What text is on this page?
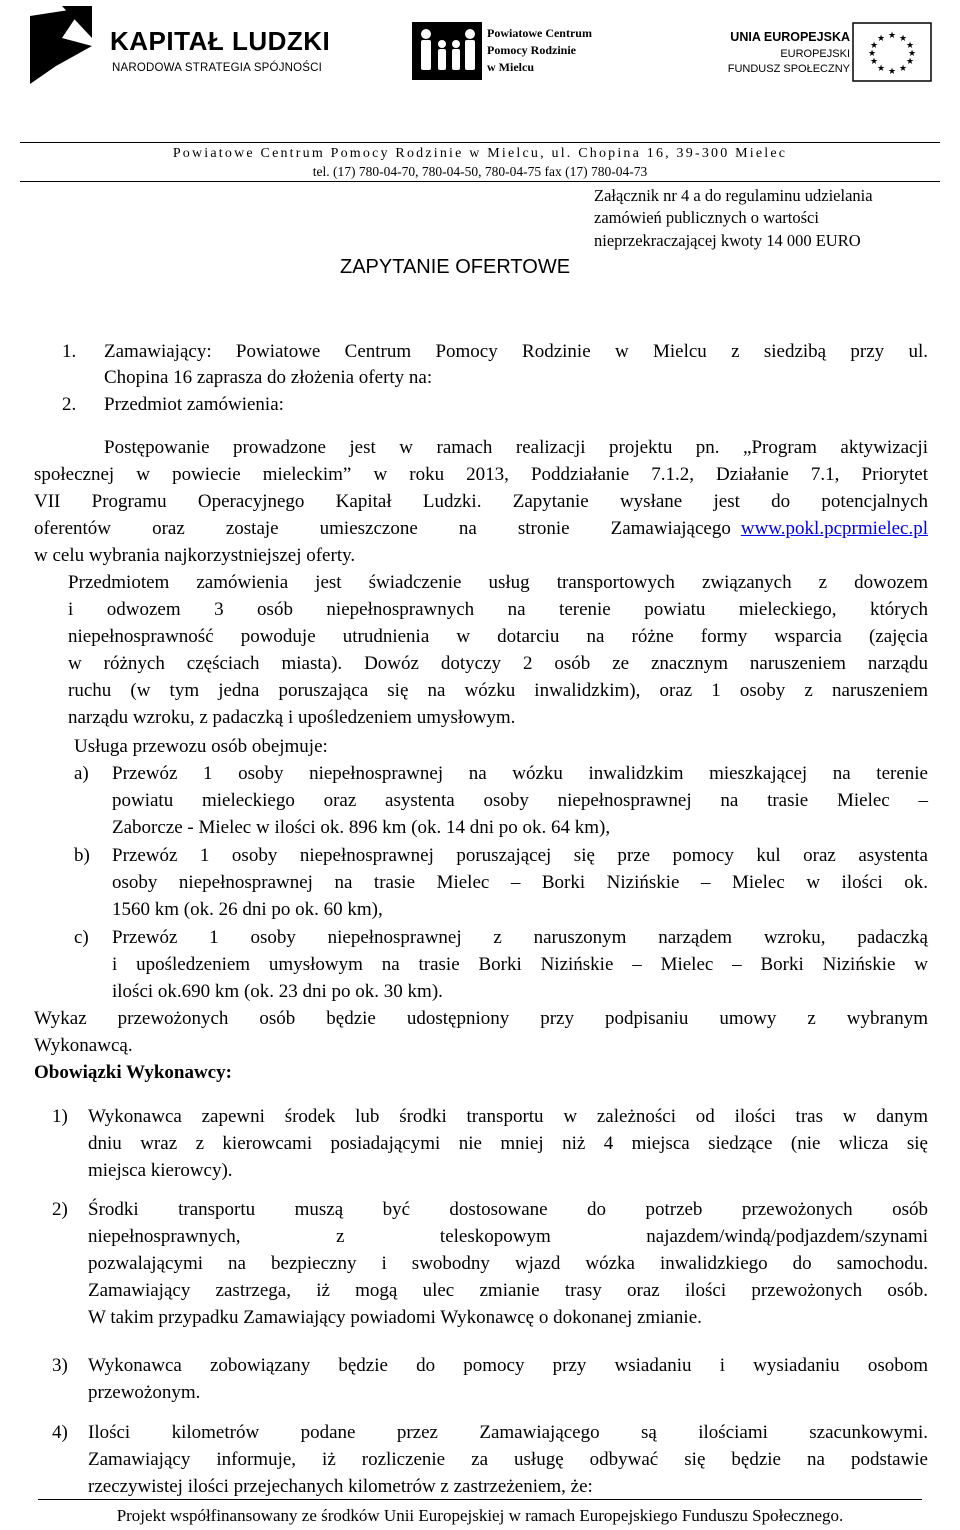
KAPITAŁ LUDZKI
NARODOWA STRATEGIA SPÓJNOŚCI
Powiatowe Centrum
Pomocy Rodzinie
w Mielcu
UNIA EUROPEJSKA
EUROPEJSKI
FUNDUSZ SPOŁECZNY
★ ★
★
★
★
★
★
★
★
★
★
★
Powiatowe Centrum Pomocy Rodzinie w Mielcu, ul. Chopina 16, 39-300 Mielec
tel. (17) 780-04-70, 780-04-50, 780-04-75 fax (17) 780-04-73
Załącznik nr 4 a do regulaminu udzielania
zamówień publicznych o wartości
nieprzekraczającej kwoty 14 000 EURO
ZAPYTANIE OFERTOWE
1. Zamawiający: Powiatowe Centrum Pomocy Rodzinie w Mielcu z siedzibą przy ul.
Chopina 16 zaprasza do złożenia oferty na:
2. Przedmiot zamówienia:
Postępowanie prowadzone jest w ramach realizacji projektu pn. „Program aktywizacji
społecznej w powiecie mieleckim” w roku 2013, Poddziałanie 7.1.2, Działanie 7.1, Priorytet
VII Programu Operacyjnego Kapitał Ludzki. Zapytanie wysłane jest do potencjalnych
oferentów oraz zostaje umieszczone na stronie Zamawiającego www.pokl.pcprmielec.pl
w celu wybrania najkorzystniejszej oferty.
Przedmiotem zamówienia jest świadczenie usług transportowych związanych z dowozem
i odwozem 3 osób niepełnosprawnych na terenie powiatu mieleckiego, których
niepełnosprawność powoduje utrudnienia w dotarciu na różne formy wsparcia (zajęcia
w różnych częściach miasta). Dowóz dotyczy 2 osób ze znacznym naruszeniem narządu
ruchu (w tym jedna poruszająca się na wózku inwalidzkim), oraz 1 osoby z naruszeniem
narządu wzroku, z padaczką i upośledzeniem umysłowym.
Usługa przewozu osób obejmuje:
a) Przewóz 1 osoby niepełnosprawnej na wózku inwalidzkim mieszkającej na terenie
powiatu mieleckiego oraz asystenta osoby niepełnosprawnej na trasie Mielec –
Zaborcze - Mielec w ilości ok. 896 km (ok. 14 dni po ok. 64 km),
b) Przewóz 1 osoby niepełnosprawnej poruszającej się prze pomocy kul oraz asystenta
osoby niepełnosprawnej na trasie Mielec – Borki Nizińskie – Mielec w ilości ok.
1560 km (ok. 26 dni po ok. 60 km),
c) Przewóz 1 osoby niepełnosprawnej z naruszonym narządem wzroku, padaczką
i upośledzeniem umysłowym na trasie Borki Nizińskie – Mielec – Borki Nizińskie w
ilości ok.690 km (ok. 23 dni po ok. 30 km).
Wykaz przewożonych osób będzie udostępniony przy podpisaniu umowy z wybranym
Wykonawcą.
Obowiązki Wykonawcy:
1) Wykonawca zapewni środek lub środki transportu w zależności od ilości tras w danym
dniu wraz z kierowcami posiadającymi nie mniej niż 4 miejsca siedzące (nie wlicza się
miejsca kierowcy).
2) Środki transportu muszą być dostosowane do potrzeb przewożonych osób
niepełnosprawnych, z teleskopowym najazdem/windą/podjazdem/szynami
pozwalającymi na bezpieczny i swobodny wjazd wózka inwalidzkiego do samochodu.
Zamawiający zastrzega, iż mogą ulec zmianie trasy oraz ilości przewożonych osób.
W takim przypadku Zamawiający powiadomi Wykonawcę o dokonanej zmianie.
3) Wykonawca zobowiązany będzie do pomocy przy wsiadaniu i wysiadaniu osobom
przewożonym.
4) Ilości kilometrów podane przez Zamawiającego są ilościami szacunkowymi.
Zamawiający informuje, iż rozliczenie za usługę odbywać się będzie na podstawie
rzeczywistej ilości przejechanych kilometrów z zastrzeżeniem, że:
Projekt współfinansowany ze środków Unii Europejskiej w ramach Europejskiego Funduszu Społecznego.
